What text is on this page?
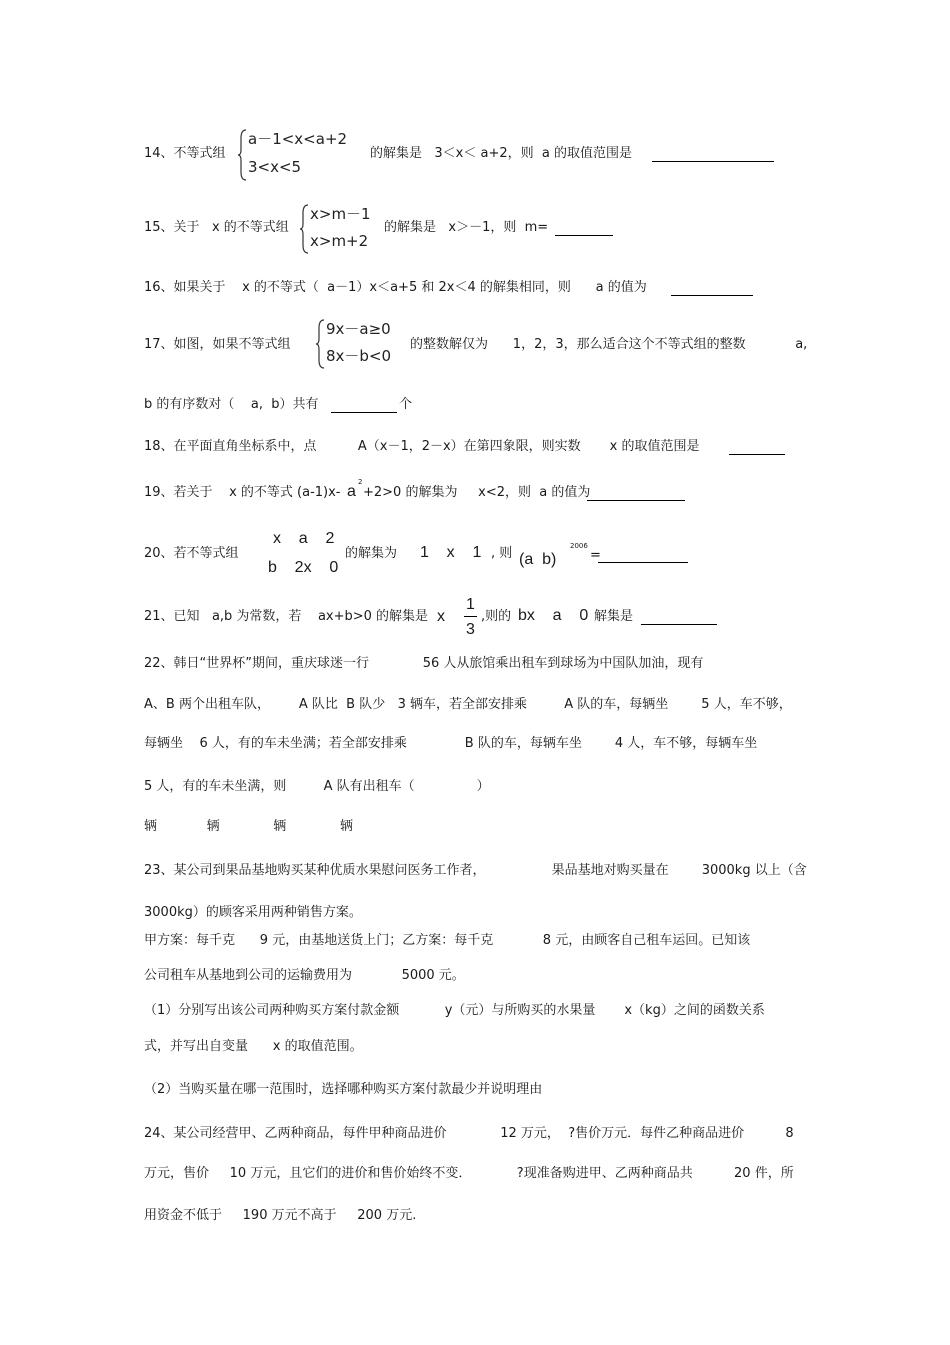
14、不等式组
a－1<x<a+2
3<x<5
的解集是   3＜x＜ a+2，则  a 的取值范围是
15、关于   x 的不等式组
x>m－1
x>m+2
的解集是   x＞－1，则  m=
16、如果关于    x 的不等式（  a－1）x＜a+5 和 2x＜4 的解集相同，则      a 的值为
17、如图，如果不等式组
9x－a≥0
8x－b<0
的整数解仅为      1，2，3，那么适合这个不等式组的整数            a,
b 的有序数对（    a,  b）共有	个
18、在平面直角坐标系中，点          A（x－1，2－x）在第四象限，则实数       x 的取值范围是
19、若关于    x 的不等式 (a-1)x- a
2
+2>0 的解集为     x<2，则  a 的值为
20、若不等式组
x    a    2
b    2x    0
的解集为 1    x    1 , 则 (a  b)
2006
=
21、已知   a,b 为常数，若    ax+b>0 的解集是 x
1
3
,则的 bx    a    0 解集是
22、韩日“世界杯”期间，重庆球迷一行             56 人从旅馆乘出租车到球场为中国队加油，现有
A、B 两个出租车队，       A 队比  B 队少   3 辆车，若全部安排乘         A 队的车，每辆坐        5 人，车不够，
每辆坐    6 人，有的车未坐满；若全部安排乘              B 队的车，每辆车坐        4 人，车不够，每辆车坐
5 人，有的车未坐满，则         A 队有出租车（               ）
辆            辆             辆             辆
23、某公司到果品基地购买某种优质水果慰问医务工作者，                果品基地对购买量在        3000kg 以上（含
3000kg）的顾客采用两种销售方案。
甲方案：每千克      9 元，由基地送货上门；乙方案：每千克            8 元，由顾客自己租车运回。已知该
公司租车从基地到公司的运输费用为            5000 元。
（1）分别写出该公司两种购买方案付款金额           y（元）与所购买的水果量       x（kg）之间的函数关系
式，并写出自变量      x 的取值范围。
（2）当购买量在哪一范围时，选择哪种购买方案付款最少并说明理由
24、某公司经营甲、乙两种商品，每件甲种商品进价             12 万元，  ?售价万元．每件乙种商品进价          8
万元，售价     10 万元，且它们的进价和售价始终不变．           ?现准备购进甲、乙两种商品共          20 件，所
用资金不低于     190 万元不高于     200 万元.
